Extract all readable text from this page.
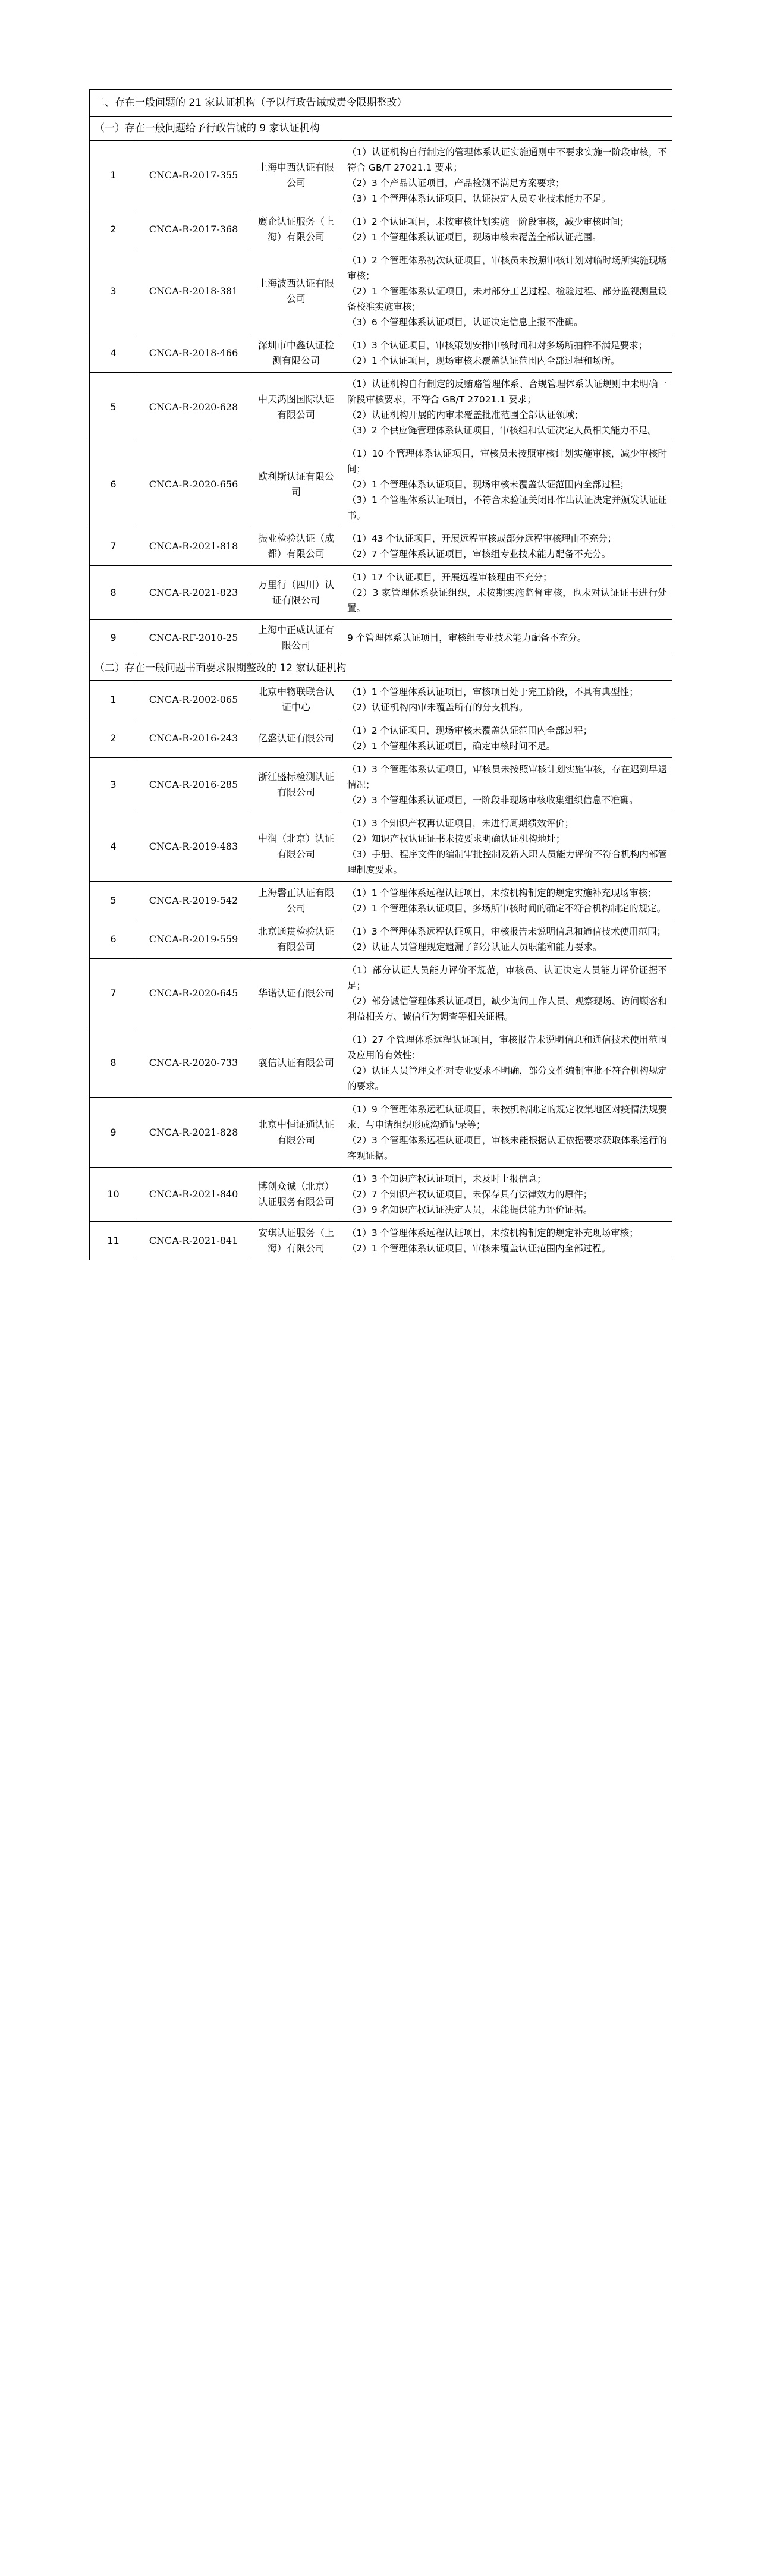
二、存在一般问题的 21 家认证机构（予以行政告诫或责令限期整改）			
（一）存在一般问题给予行政告诫的 9 家认证机构			
1	CNCA-R-2017-355	上海申西认证有限公司	（1）认证机构自行制定的管理体系认证实施通则中不要求实施一阶段审核，不符合 GB/T 27021.1 要求；
（2）3 个产品认证项目，产品检测不满足方案要求；
（3）1 个管理体系认证项目，认证决定人员专业技术能力不足。

2	CNCA-R-2017-368	鹰企认证服务（上海）有限公司	（1）2 个认证项目，未按审核计划实施一阶段审核，减少审核时间；
（2）1 个管理体系认证项目，现场审核未覆盖全部认证范围。

3	CNCA-R-2018-381	上海波西认证有限公司	（1）2 个管理体系初次认证项目，审核员未按照审核计划对临时场所实施现场审核；
（2）1 个管理体系认证项目，未对部分工艺过程、检验过程、部分监视测量设备校准实施审核；
（3）6 个管理体系认证项目，认证决定信息上报不准确。

4	CNCA-R-2018-466	深圳市中鑫认证检测有限公司	（1）3 个认证项目，审核策划安排审核时间和对多场所抽样不满足要求；
（2）1 个认证项目，现场审核未覆盖认证范围内全部过程和场所。

5	CNCA-R-2020-628	中天鸿图国际认证有限公司	（1）认证机构自行制定的反贿赂管理体系、合规管理体系认证规则中未明确一阶段审核要求，不符合 GB/T 27021.1 要求；
（2）认证机构开展的内审未覆盖批准范围全部认证领域；
（3）2 个供应链管理体系认证项目，审核组和认证决定人员相关能力不足。

6	CNCA-R-2020-656	欧利斯认证有限公司	（1）10 个管理体系认证项目，审核员未按照审核计划实施审核，减少审核时间；
（2）1 个管理体系认证项目，现场审核未覆盖认证范围内全部过程；
（3）1 个管理体系认证项目，不符合未验证关闭即作出认证决定并颁发认证证书。

7	CNCA-R-2021-818	振业检验认证（成都）有限公司	（1）43 个认证项目，开展远程审核或部分远程审核理由不充分；
（2）7 个管理体系认证项目，审核组专业技术能力配备不充分。

8	CNCA-R-2021-823	万里行（四川）认证有限公司	（1）17 个认证项目，开展远程审核理由不充分；
（2）3 家管理体系获证组织，未按期实施监督审核，也未对认证证书进行处置。

9	CNCA-RF-2010-25	上海中正威认证有限公司	9 个管理体系认证项目，审核组专业技术能力配备不充分。

（二）存在一般问题书面要求限期整改的 12 家认证机构			
1	CNCA-R-2002-065	北京中物联联合认证中心	（1）1 个管理体系认证项目，审核项目处于完工阶段，不具有典型性；
（2）认证机构内审未覆盖所有的分支机构。

2	CNCA-R-2016-243	亿盛认证有限公司	（1）2 个认证项目，现场审核未覆盖认证范围内全部过程；
（2）1 个管理体系认证项目，确定审核时间不足。

3	CNCA-R-2016-285	浙江盛标检测认证有限公司	（1）3 个管理体系认证项目，审核员未按照审核计划实施审核，存在迟到早退情况；
（2）3 个管理体系认证项目，一阶段非现场审核收集组织信息不准确。

4	CNCA-R-2019-483	中润（北京）认证有限公司	（1）3 个知识产权再认证项目，未进行周期绩效评价；
（2）知识产权认证证书未按要求明确认证机构地址；
（3）手册、程序文件的编制审批控制及新入职人员能力评价不符合机构内部管理制度要求。

5	CNCA-R-2019-542	上海磬正认证有限公司	（1）1 个管理体系远程认证项目，未按机构制定的规定实施补充现场审核；
（2）1 个管理体系认证项目，多场所审核时间的确定不符合机构制定的规定。

6	CNCA-R-2019-559	北京通贯检验认证有限公司	（1）3 个管理体系远程认证项目，审核报告未说明信息和通信技术使用范围；
（2）认证人员管理规定遗漏了部分认证人员职能和能力要求。

7	CNCA-R-2020-645	华诺认证有限公司	（1）部分认证人员能力评价不规范，审核员、认证决定人员能力评价证据不足；
（2）部分诚信管理体系认证项目，缺少询问工作人员、观察现场、访问顾客和利益相关方、诚信行为调查等相关证据。

8	CNCA-R-2020-733	襄信认证有限公司	（1）27 个管理体系远程认证项目，审核报告未说明信息和通信技术使用范围及应用的有效性；
（2）认证人员管理文件对专业要求不明确，部分文件编制审批不符合机构规定的要求。

9	CNCA-R-2021-828	北京中恒证通认证有限公司	（1）9 个管理体系远程认证项目，未按机构制定的规定收集地区对疫情法规要求、与申请组织形成沟通记录等；
（2）3 个管理体系远程认证项目，审核未能根据认证依据要求获取体系运行的客观证据。

10	CNCA-R-2021-840	博创众诚（北京）认证服务有限公司	（1）3 个知识产权认证项目，未及时上报信息；
（2）7 个知识产权认证项目，未保存具有法律效力的原件；
（3）9 名知识产权认证决定人员，未能提供能力评价证据。

11	CNCA-R-2021-841	安琪认证服务（上海）有限公司	（1）3 个管理体系远程认证项目，未按机构制定的规定补充现场审核；
（2）1 个管理体系认证项目，审核未覆盖认证范围内全部过程。
